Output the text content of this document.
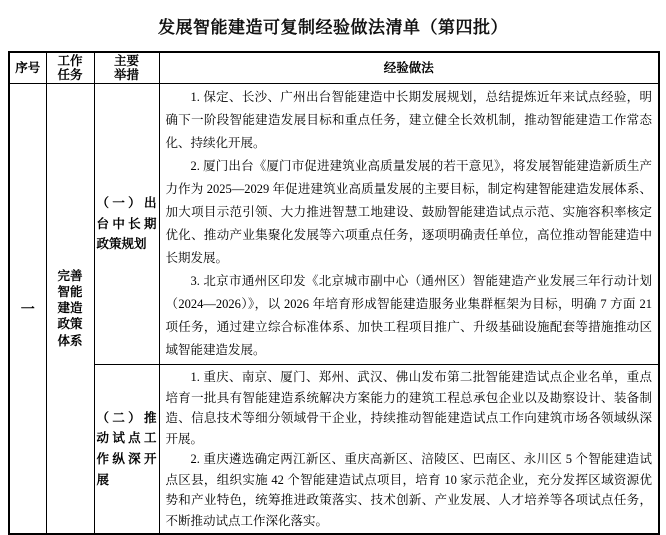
发展智能建造可复制经验做法清单（第四批）
序号	工作任务	主要举措	经验做法
一	完善智能建造政策体系	（一）出台中长期政策规划	1. 保定、长沙、广州出台智能建造中长期发展规划，总结提炼近年来试点经验，明确下一阶段智能建造发展目标和重点任务，建立健全长效机制，推动智能建造工作常态化、持续化开展。

2. 厦门出台《厦门市促进建筑业高质量发展的若干意见》，将发展智能建造新质生产力作为 2025—2029 年促进建筑业高质量发展的主要目标，制定构建智能建造发展体系、加大项目示范引领、大力推进智慧工地建设、鼓励智能建造试点示范、实施容积率核定优化、推动产业集聚化发展等六项重点任务，逐项明确责任单位，高位推动智能建造中长期发展。

3. 北京市通州区印发《北京城市副中心（通州区）智能建造产业发展三年行动计划（2024—2026）》，以 2026 年培育形成智能建造服务业集群框架为目标，明确 7 方面 21 项任务，通过建立综合标准体系、加快工程项目推广、升级基础设施配套等措施推动区域智能建造发展。

		（二）推动试点工作纵深开展	1. 重庆、南京、厦门、郑州、武汉、佛山发布第二批智能建造试点企业名单，重点培育一批具有智能建造系统解决方案能力的建筑工程总承包企业以及勘察设计、装备制造、信息技术等细分领域骨干企业，持续推动智能建造试点工作向建筑市场各领域纵深开展。

2. 重庆遴选确定两江新区、重庆高新区、涪陵区、巴南区、永川区 5 个智能建造试点区县，组织实施 42 个智能建造试点项目，培育 10 家示范企业，充分发挥区域资源优势和产业特色，统筹推进政策落实、技术创新、产业发展、人才培养等各项试点任务，不断推动试点工作深化落实。
